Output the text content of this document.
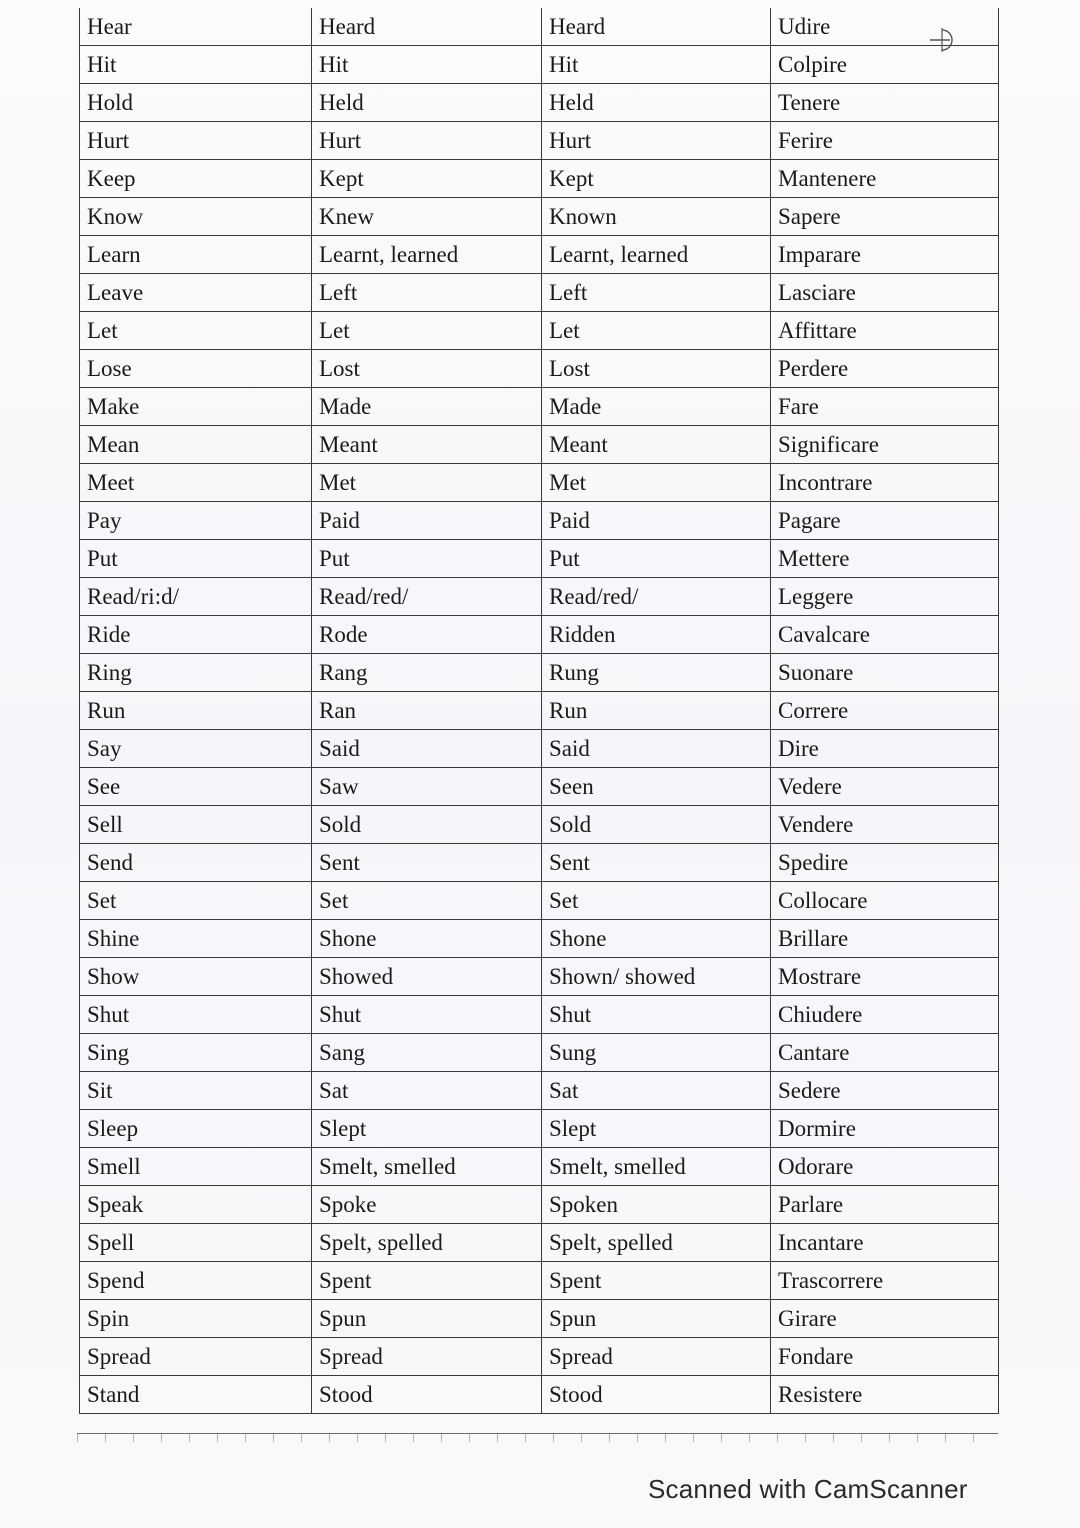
Hear	Heard	Heard	Udire
Hit	Hit	Hit	Colpire
Hold	Held	Held	Tenere
Hurt	Hurt	Hurt	Ferire
Keep	Kept	Kept	Mantenere
Know	Knew	Known	Sapere
Learn	Learnt, learned	Learnt, learned	Imparare
Leave	Left	Left	Lasciare
Let	Let	Let	Affittare
Lose	Lost	Lost	Perdere
Make	Made	Made	Fare
Mean	Meant	Meant	Significare
Meet	Met	Met	Incontrare
Pay	Paid	Paid	Pagare
Put	Put	Put	Mettere
Read/ri:d/	Read/red/	Read/red/	Leggere
Ride	Rode	Ridden	Cavalcare
Ring	Rang	Rung	Suonare
Run	Ran	Run	Correre
Say	Said	Said	Dire
See	Saw	Seen	Vedere
Sell	Sold	Sold	Vendere
Send	Sent	Sent	Spedire
Set	Set	Set	Collocare
Shine	Shone	Shone	Brillare
Show	Showed	Shown/ showed	Mostrare
Shut	Shut	Shut	Chiudere
Sing	Sang	Sung	Cantare
Sit	Sat	Sat	Sedere
Sleep	Slept	Slept	Dormire
Smell	Smelt, smelled	Smelt, smelled	Odorare
Speak	Spoke	Spoken	Parlare
Spell	Spelt, spelled	Spelt, spelled	Incantare
Spend	Spent	Spent	Trascorrere
Spin	Spun	Spun	Girare
Spread	Spread	Spread	Fondare
Stand	Stood	Stood	Resistere
Scanned with CamScanner
